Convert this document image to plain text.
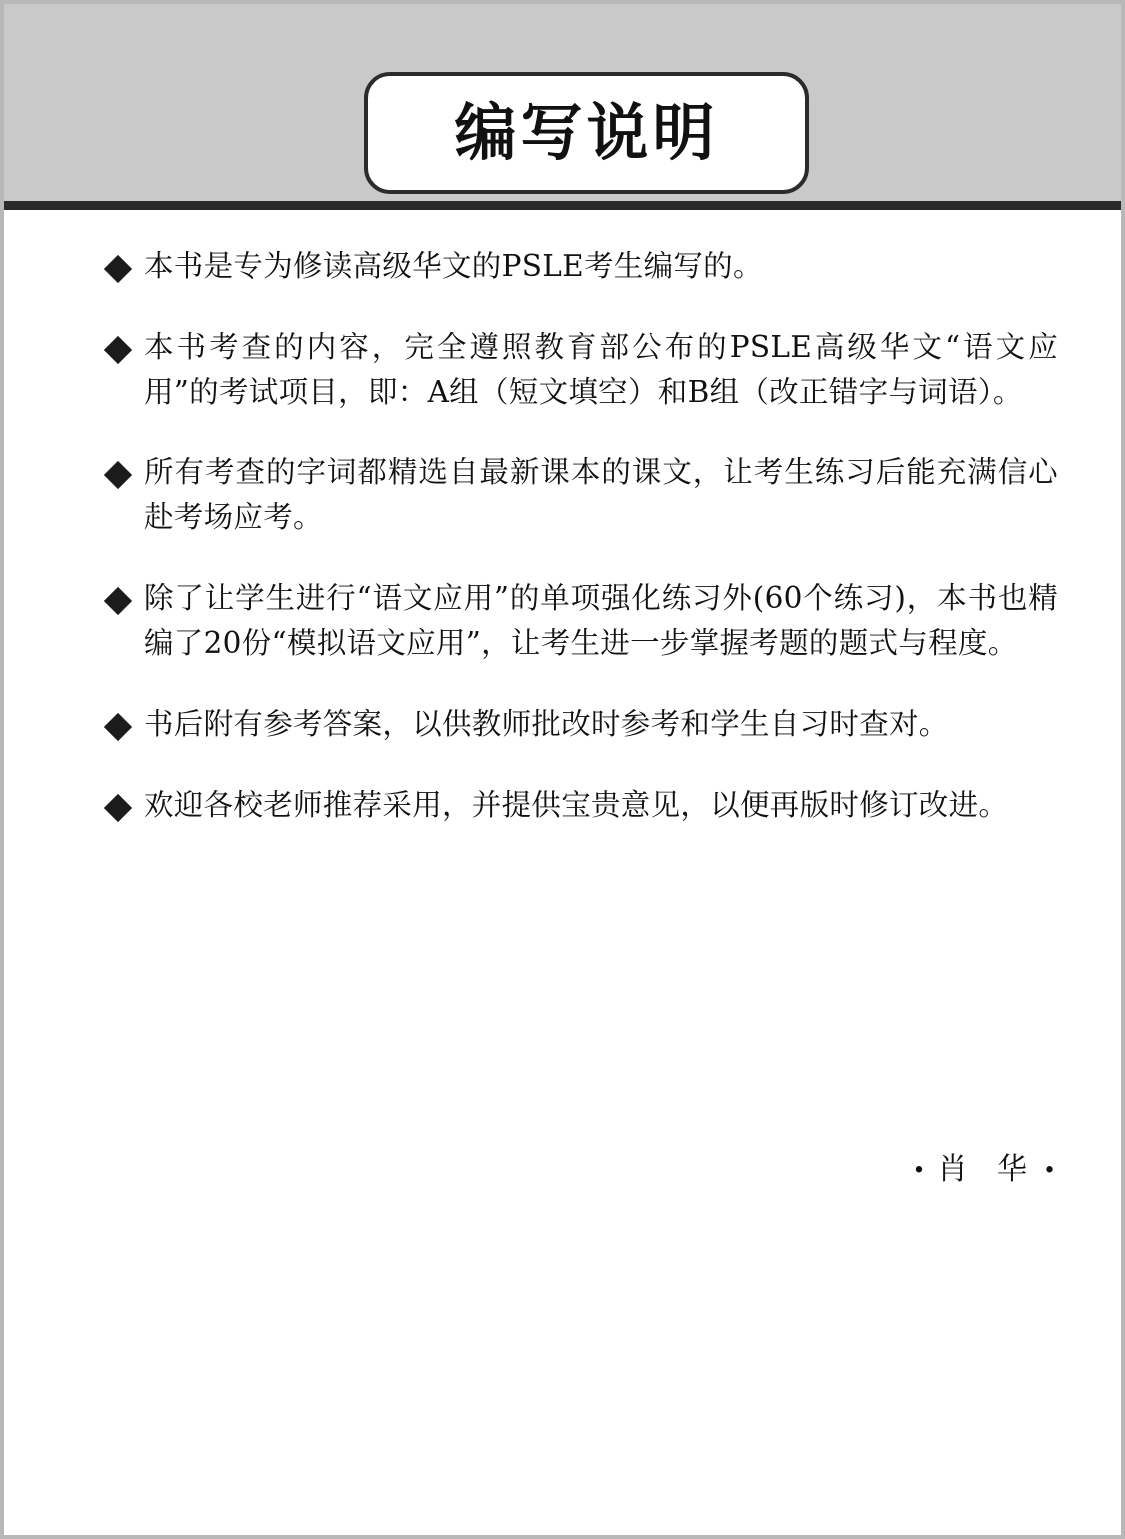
编写说明
本书是专为修读高级华文的PSLE考生编写的。
本书考查的内容，完全遵照教育部公布的PSLE高级华文“语文应用”的考试项目，即：A组（短文填空）和B组（改正错字与词语）。
所有考查的字词都精选自最新课本的课文，让考生练习后能充满信心赴考场应考。
除了让学生进行“语文应用”的单项强化练习外(60个练习)，本书也精编了20份“模拟语文应用”，让考生进一步掌握考题的题式与程度。
书后附有参考答案，以供教师批改时参考和学生自习时查对。
欢迎各校老师推荐采用，并提供宝贵意见，以便再版时修订改进。
• 肖 华 •
